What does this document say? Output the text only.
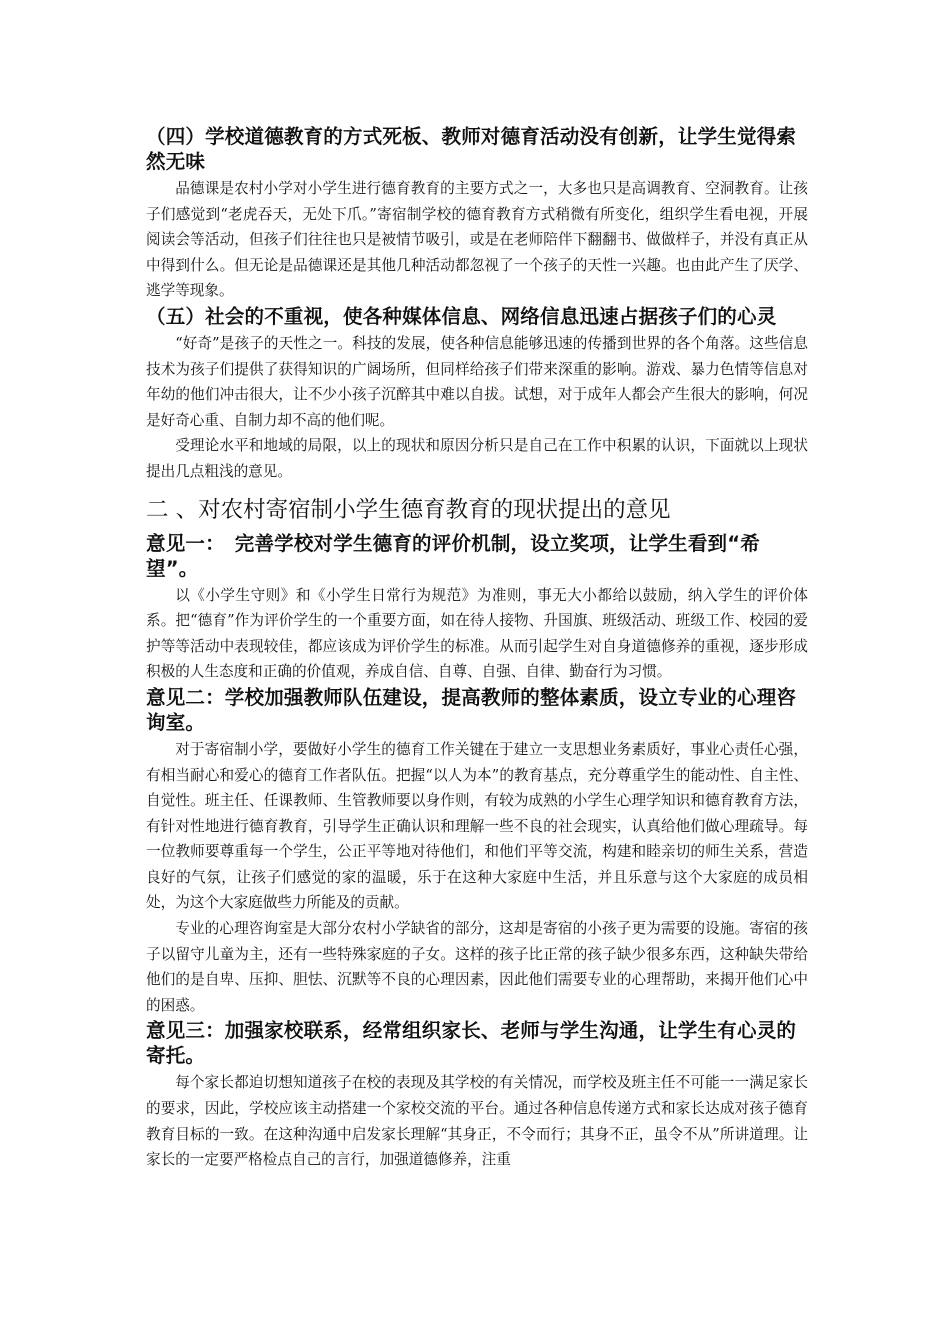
（四）学校道德教育的方式死板、教师对德育活动没有创新，让学生觉得索然无味

品德课是农村小学对小学生进行德育教育的主要方式之一，大多也只是高调教育、空洞教育。让孩子们感觉到“老虎吞天，无处下爪。”寄宿制学校的德育教育方式稍微有所变化，组织学生看电视，开展阅读会等活动，但孩子们往往也只是被情节吸引，或是在老师陪伴下翻翻书、做做样子，并没有真正从中得到什么。但无论是品德课还是其他几种活动都忽视了一个孩子的天性一兴趣。也由此产生了厌学、逃学等现象。

（五）社会的不重视，使各种媒体信息、网络信息迅速占据孩子们的心灵

“好奇”是孩子的天性之一。科技的发展，使各种信息能够迅速的传播到世界的各个角落。这些信息技术为孩子们提供了获得知识的广阔场所，但同样给孩子们带来深重的影响。游戏、暴力色情等信息对年幼的他们冲击很大，让不少小孩子沉醉其中难以自拔。试想，对于成年人都会产生很大的影响，何况是好奇心重、自制力却不高的他们呢。

受理论水平和地域的局限，以上的现状和原因分析只是自己在工作中积累的认识，下面就以上现状提出几点粗浅的意见。

二 、对农村寄宿制小学生德育教育的现状提出的意见
意见一：　完善学校对学生德育的评价机制，设立奖项，让学生看到“希望”。

以《小学生守则》和《小学生日常行为规范》为准则，事无大小都给以鼓励，纳入学生的评价体系。把“德育”作为评价学生的一个重要方面，如在待人接物、升国旗、班级活动、班级工作、校园的爱护等等活动中表现较佳，都应该成为评价学生的标准。从而引起学生对自身道德修养的重视，逐步形成积极的人生态度和正确的价值观，养成自信、自尊、自强、自律、勤奋行为习惯。

意见二：学校加强教师队伍建设，提高教师的整体素质，设立专业的心理咨询室。

对于寄宿制小学，要做好小学生的德育工作关键在于建立一支思想业务素质好，事业心责任心强，有相当耐心和爱心的德育工作者队伍。把握“以人为本”的教育基点，充分尊重学生的能动性、自主性、自觉性。班主任、任课教师、生管教师要以身作则，有较为成熟的小学生心理学知识和德育教育方法，有针对性地进行德育教育，引导学生正确认识和理解一些不良的社会现实，认真给他们做心理疏导。每一位教师要尊重每一个学生，公正平等地对待他们，和他们平等交流，构建和睦亲切的师生关系，营造良好的气氛，让孩子们感觉的家的温暖，乐于在这种大家庭中生活，并且乐意与这个大家庭的成员相处，为这个大家庭做些力所能及的贡献。

专业的心理咨询室是大部分农村小学缺省的部分，这却是寄宿的小孩子更为需要的设施。寄宿的孩子以留守儿童为主，还有一些特殊家庭的子女。这样的孩子比正常的孩子缺少很多东西，这种缺失带给他们的是自卑、压抑、胆怯、沉默等不良的心理因素，因此他们需要专业的心理帮助，来揭开他们心中的困惑。

意见三：加强家校联系，经常组织家长、老师与学生沟通，让学生有心灵的寄托。

每个家长都迫切想知道孩子在校的表现及其学校的有关情况，而学校及班主任不可能一一满足家长的要求，因此，学校应该主动搭建一个家校交流的平台。通过各种信息传递方式和家长达成对孩子德育教育目标的一致。在这种沟通中启发家长理解“其身正，不令而行；其身不正，虽令不从”所讲道理。让家长的一定要严格检点自己的言行，加强道德修养，注重
